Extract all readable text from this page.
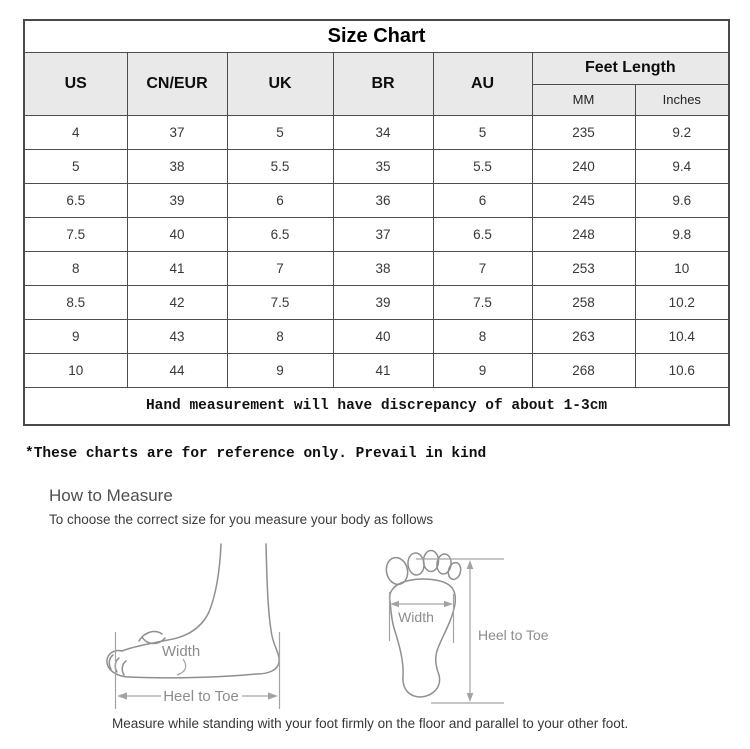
Size Chart						
US	CN/EUR	UK	BR	AU	Feet Length	
					MM	Inches
4	37	5	34	5	235	9.2
5	38	5.5	35	5.5	240	9.4
6.5	39	6	36	6	245	9.6
7.5	40	6.5	37	6.5	248	9.8
8	41	7	38	7	253	10
8.5	42	7.5	39	7.5	258	10.2
9	43	8	40	8	263	10.4
10	44	9	41	9	268	10.6
Hand measurement will have discrepancy of about 1-3cm						
*These charts are for reference only. Prevail in kind
How to Measure
To choose the correct size for you measure your body as follows
Width
Heel to Toe
Width
Heel to Toe
Measure while standing with your foot firmly on the floor and parallel to your other foot.
